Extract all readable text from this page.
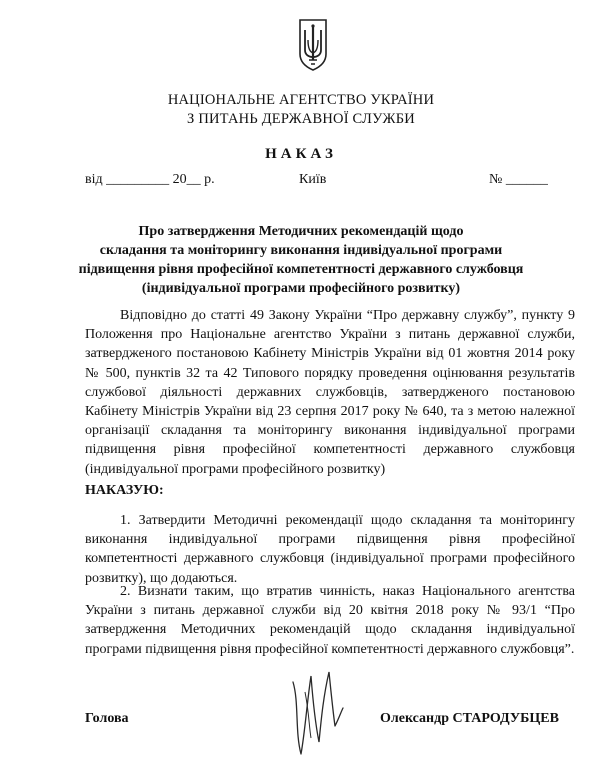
НАЦІОНАЛЬНЕ АГЕНТСТВО УКРАЇНИ
З ПИТАНЬ ДЕРЖАВНОЇ СЛУЖБИ
НАКАЗ
від _________ 20__ р.	Київ	№ ______
Про затвердження Методичних рекомендацій щодо
складання та моніторингу виконання індивідуальної програми
підвищення рівня професійної компетентності державного службовця
(індивідуальної програми професійного розвитку)
Відповідно до статті 49 Закону України “Про державну службу”, пункту 9 Положення про Національне агентство України з питань державної служби, затвердженого постановою Кабінету Міністрів України від 01 жовтня 2014 року № 500, пунктів 32 та 42 Типового порядку проведення оцінювання результатів службової діяльності державних службовців, затвердженого постановою Кабінету Міністрів України від 23 серпня 2017 року № 640, та з метою належної організації складання та моніторингу виконання індивідуальної програми підвищення рівня професійної компетентності державного службовця (індивідуальної програми професійного розвитку)
НАКАЗУЮ:
1. Затвердити Методичні рекомендації щодо складання та моніторингу виконання індивідуальної програми підвищення рівня професійної компетентності державного службовця (індивідуальної програми професійного розвитку), що додаються.
2. Визнати таким, що втратив чинність, наказ Національного агентства України з питань державної служби від 20 квітня 2018 року № 93/1 “Про затвердження Методичних рекомендацій щодо складання індивідуальної програми підвищення рівня професійної компетентності державного службовця”.
Голова	Олександр СТАРОДУБЦЕВ
